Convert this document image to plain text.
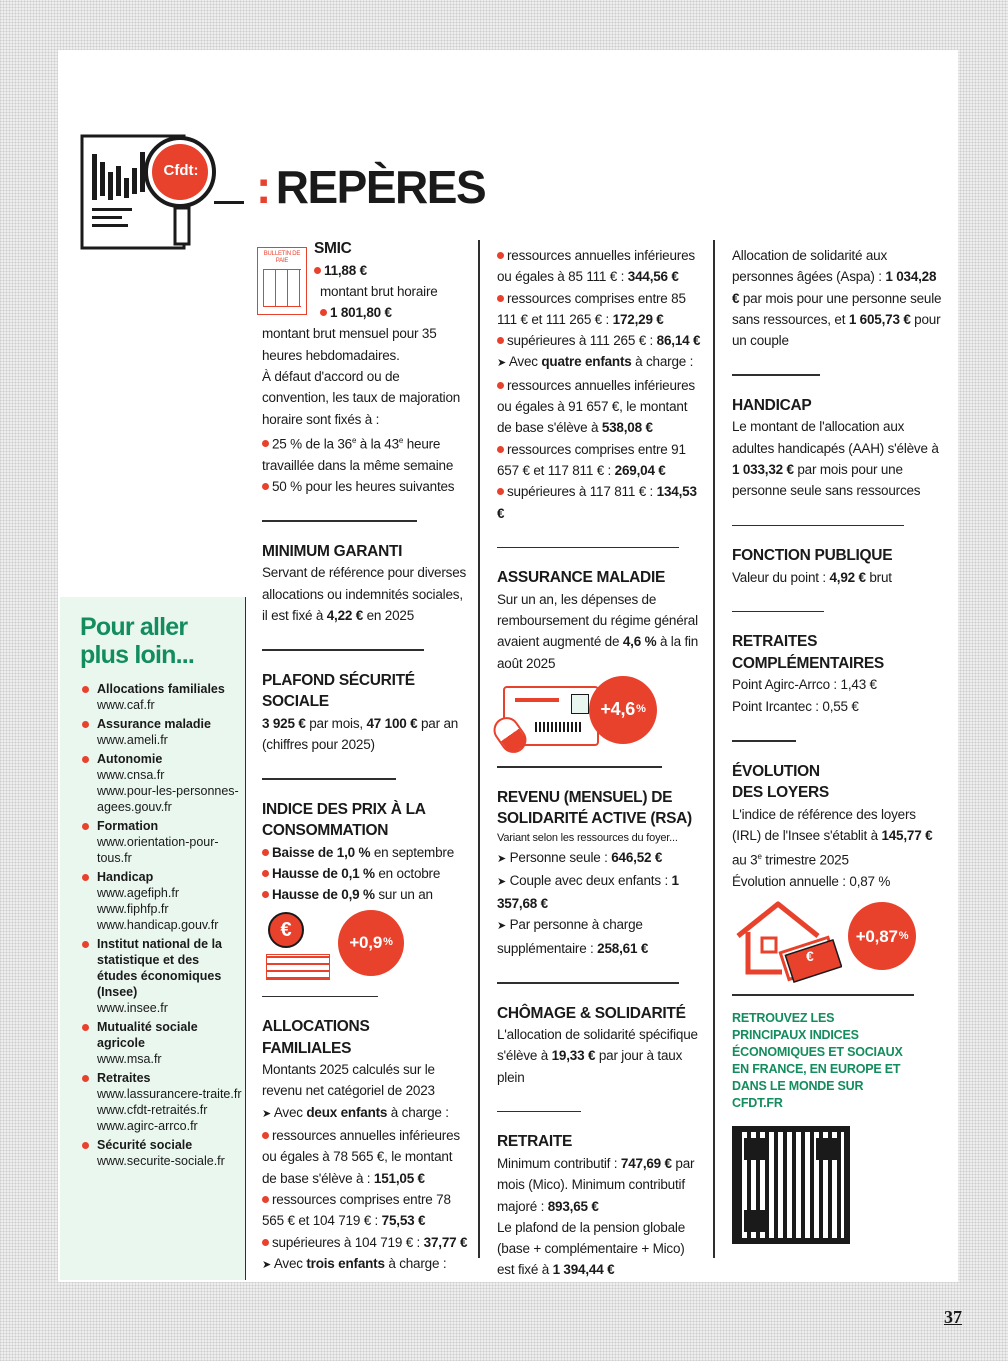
Cfdt: : REPÈRES
Pour aller
plus loin...
Allocations familiales
www.caf.fr
Assurance maladie
www.ameli.fr
Autonomie
www.cnsa.fr
www.pour-les-personnes-agees.gouv.fr
Formation
www.orientation-pour-tous.fr
Handicap
www.agefiph.fr
www.fiphfp.fr
www.handicap.gouv.fr
Institut national de la statistique et des études économiques (Insee)
www.insee.fr
Mutualité sociale agricole
www.msa.fr
Retraites
www.lassurancere-traite.fr
www.cfdt-retraités.fr
www.agirc-arrco.fr
Sécurité sociale
www.securite-sociale.fr
BULLETIN DE PAIE

SMIC

11,88 €

montant brut horaire

1 801,80 €

montant brut mensuel pour 35 heures hebdomadaires.

À défaut d'accord ou de convention, les taux de majoration horaire sont fixés à :

25 % de la 36e à la 43e heure travaillée dans la même semaine

50 % pour les heures suivantes

MINIMUM GARANTI

Servant de référence pour diverses allocations ou indemnités sociales, il est fixé à 4,22 € en 2025

PLAFOND SÉCURITÉ SOCIALE

3 925 € par mois, 47 100 € par an (chiffres pour 2025)

INDICE DES PRIX À LA CONSOMMATION

Baisse de 1,0 % en septembre

Hausse de 0,1 % en octobre

Hausse de 0,9 % sur un an

€
+0,9 %

ALLOCATIONS FAMILIALES

Montants 2025 calculés sur le revenu net catégoriel de 2023

➤ Avec deux enfants à charge :

ressources annuelles inférieures ou égales à 78 565 €, le montant de base s'élève à : 151,05 €

ressources comprises entre 78 565 € et 104 719 € : 75,53 €

supérieures à 104 719 € : 37,77 €

➤ Avec trois enfants à charge :

ressources annuelles inférieures ou égales à 85 111 € : 344,56 €

ressources comprises entre 85 111 € et 111 265 € : 172,29 €

supérieures à 111 265 € : 86,14 €

➤ Avec quatre enfants à charge :

ressources annuelles inférieures ou égales à 91 657 €, le montant de base s'élève à 538,08 €

ressources comprises entre 91 657 € et 117 811 € : 269,04 €

supérieures à 117 811 € : 134,53 €

ASSURANCE MALADIE

Sur un an, les dépenses de remboursement du régime général avaient augmenté de 4,6 % à la fin août 2025

+4,6 %

REVENU (MENSUEL) DE SOLIDARITÉ ACTIVE (RSA)

Variant selon les ressources du foyer...

➤ Personne seule : 646,52 €

➤ Couple avec deux enfants : 1 357,68 €

➤ Par personne à charge supplémentaire : 258,61 €

CHÔMAGE & SOLIDARITÉ

L'allocation de solidarité spécifique s'élève à 19,33 € par jour à taux plein

RETRAITE

Minimum contributif : 747,69 € par mois (Mico). Minimum contributif majoré : 893,65 €

Le plafond de la pension globale (base + complémentaire + Mico) est fixé à 1 394,44 €

Allocation de solidarité aux personnes âgées (Aspa) : 1 034,28 € par mois pour une personne seule sans ressources, et 1 605,73 € pour un couple

HANDICAP

Le montant de l'allocation aux adultes handicapés (AAH) s'élève à 1 033,32 € par mois pour une personne seule sans ressources

FONCTION PUBLIQUE

Valeur du point : 4,92 € brut

RETRAITES COMPLÉMENTAIRES

Point Agirc-Arrco : 1,43 €

Point Ircantec : 0,55 €

ÉVOLUTION DES LOYERS

L'indice de référence des loyers (IRL) de l'Insee s'établit à 145,77 € au 3e trimestre 2025

Évolution annuelle : 0,87 %

€
+0,87 %

RETROUVEZ LES PRINCIPAUX INDICES ÉCONOMIQUES ET SOCIAUX EN FRANCE, EN EUROPE ET DANS LE MONDE SUR CFDT.FR

37
